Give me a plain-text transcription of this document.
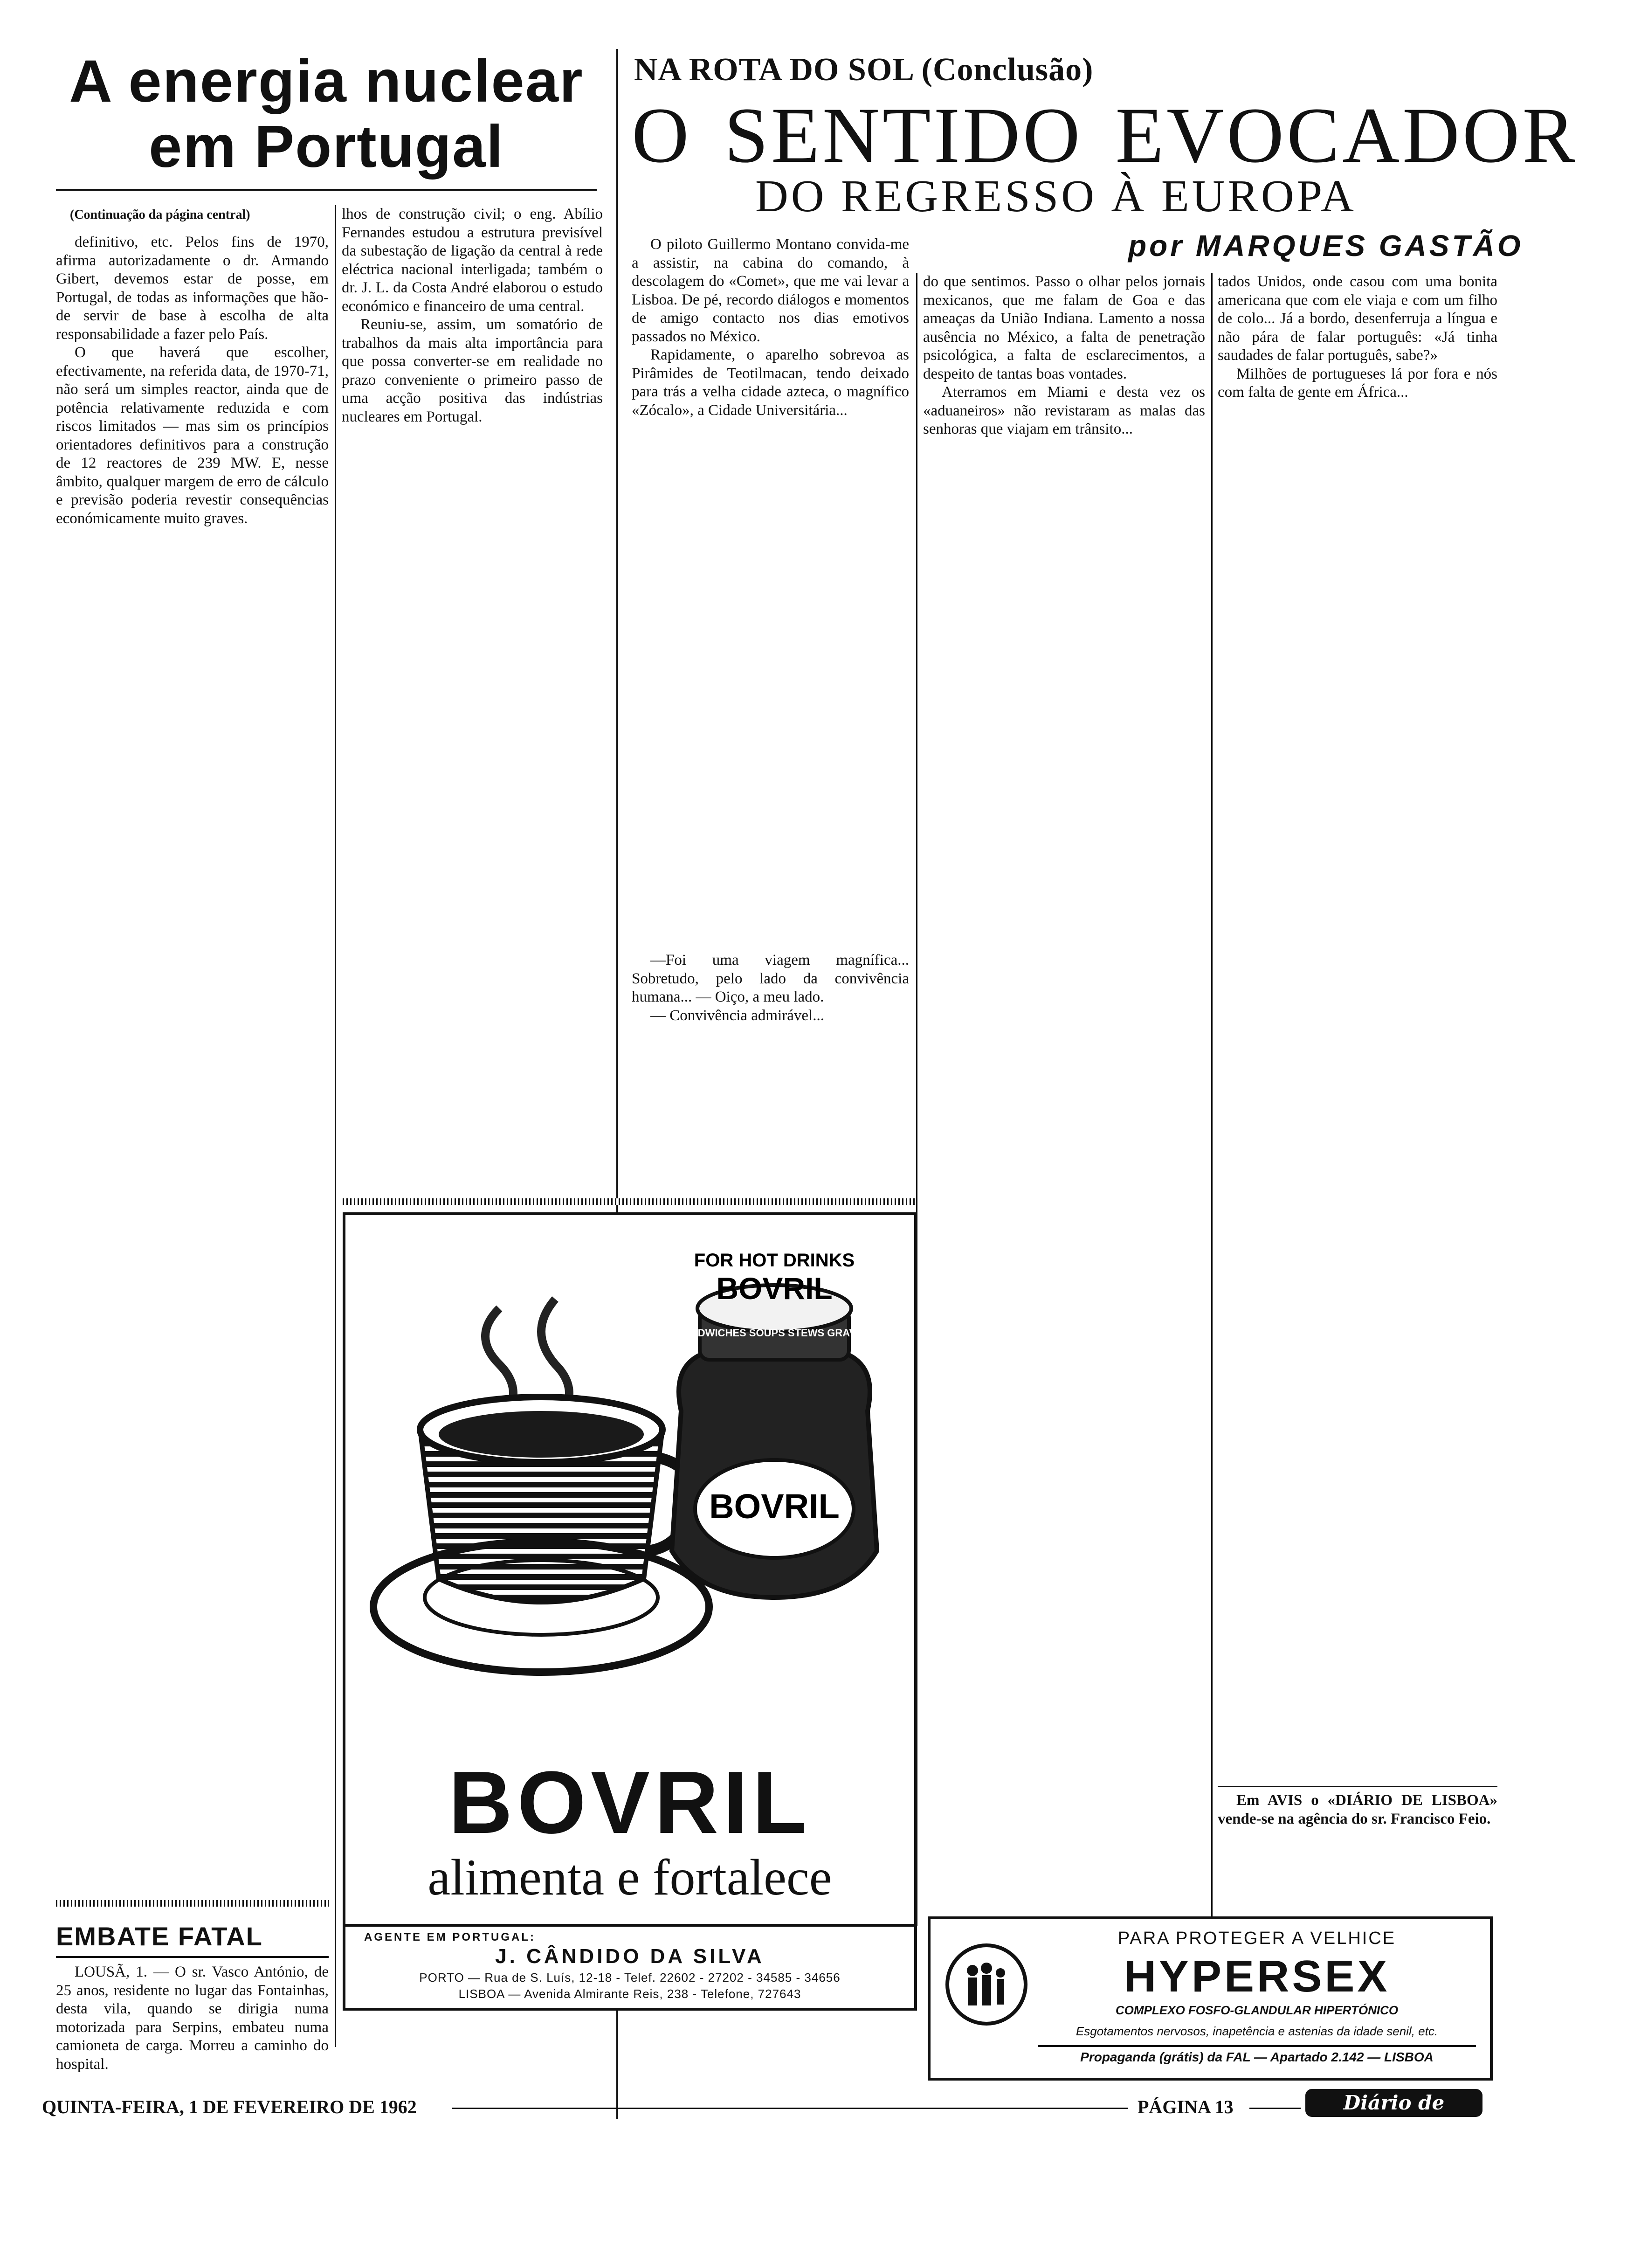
A energia nuclear
em Portugal
(Continuação da página central)

definitivo, etc. Pelos fins de 1970, afirma autorizadamente o dr. Armando Gibert, devemos estar de posse, em Portugal, de todas as informações que hão-de servir de base à escolha de alta responsabilidade a fazer pelo País.

O que haverá que escolher, efectivamente, na referida data, de 1970-71, não será um simples reactor, ainda que de potência relativamente reduzida e com riscos limitados — mas sim os princípios orientadores definitivos para a construção de 12 reactores de 239 MW. E, nesse âmbito, qualquer margem de erro de cálculo e previsão poderia revestir consequências económicamente muito graves.

lhos de construção civil; o eng. Abílio Fernandes estudou a estrutura previsível da subestação de ligação da central à rede eléctrica nacional interligada; também o dr. J. L. da Costa André elaborou o estudo económico e financeiro de uma central.

Reuniu-se, assim, um somatório de trabalhos da mais alta importância para que possa converter-se em realidade no prazo conveniente o primeiro passo de uma acção positiva das indústrias nucleares em Portugal.

EMBATE FATAL

LOUSÃ, 1. — O sr. Vasco António, de 25 anos, residente no lugar das Fontainhas, desta vila, quando se dirigia numa motorizada para Serpins, embateu numa camioneta de carga. Morreu a caminho do hospital.

NA ROTA DO SOL (Conclusão)
O SENTIDO EVOCADOR
DO REGRESSO À EUROPA
por MARQUES GASTÃO

O piloto Guillermo Montano convida-me a assistir, na cabina do comando, à descolagem do «Comet», que me vai levar a Lisboa. De pé, recordo diálogos e momentos de amigo contacto nos dias emotivos passados no México.

Rapidamente, o aparelho sobrevoa as Pirâmides de Teotilmacan, tendo deixado para trás a velha cidade azteca, o magnífico «Zócalo», a Cidade Universitária...

—Foi uma viagem magnífica... Sobretudo, pelo lado da convivência humana... — Oiço, a meu lado.

— Convivência admirável...

do que sentimos. Passo o olhar pelos jornais mexicanos, que me falam de Goa e das ameaças da União Indiana. Lamento a nossa ausência no México, a falta de penetração psicológica, a falta de esclarecimentos, a despeito de tantas boas vontades.

Aterramos em Miami e desta vez os «aduaneiros» não revistaram as malas das senhoras que viajam em trânsito...

tados Unidos, onde casou com uma bonita americana que com ele viaja e com um filho de colo... Já a bordo, desenferruja a língua e não pára de falar português: «Já tinha saudades de falar português, sabe?»

Milhões de portugueses lá por fora e nós com falta de gente em África...

Em AVIS o «DIÁRIO DE LISBOA» vende-se na agência do sr. Francisco Feio.

FOR HOT DRINKS
BOVRIL
SANDWICHES SOUPS STEWS GRAVIES
BOVRIL
BOVRIL
alimenta e fortalece
AGENTE EM PORTUGAL:
J. CÂNDIDO DA SILVA
PORTO — Rua de S. Luís, 12-18 - Telef. 22602 - 27202 - 34585 - 34656
LISBOA — Avenida Almirante Reis, 238 - Telefone, 727643
PARA PROTEGER A VELHICE
HYPERSEX
COMPLEXO FOSFO-GLANDULAR HIPERTÓNICO
Esgotamentos nervosos, inapetência e astenias da idade senil, etc.
Propaganda (grátis) da FAL — Apartado 2.142 — LISBOA
QUINTA-FEIRA, 1 DE FEVEREIRO DE 1962	PÁGINA 13	Diário de Lisboa
